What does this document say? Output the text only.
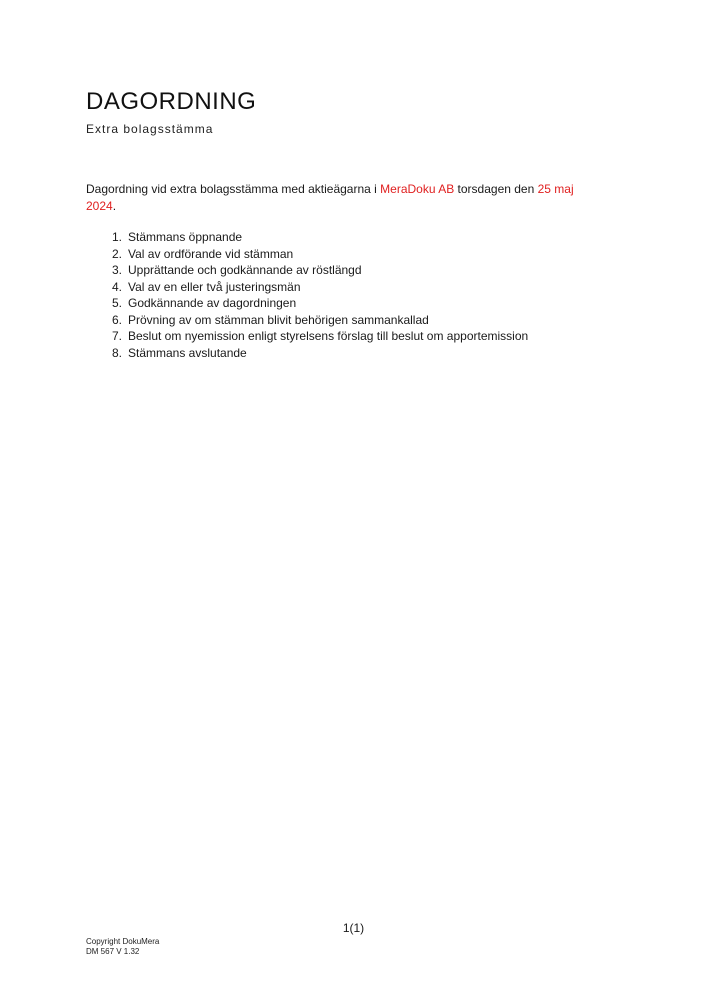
DAGORDNING
Extra bolagsstämma
Dagordning vid extra bolagsstämma med aktieägarna i MeraDoku AB torsdagen den 25 maj 2024.
1. Stämmans öppnande
2. Val av ordförande vid stämman
3. Upprättande och godkännande av röstlängd
4. Val av en eller två justeringsmän
5. Godkännande av dagordningen
6. Prövning av om stämman blivit behörigen sammankallad
7. Beslut om nyemission enligt styrelsens förslag till beslut om apportemission
8. Stämmans avslutande
1(1)
Copyright DokuMera
DM 567 V 1.32
